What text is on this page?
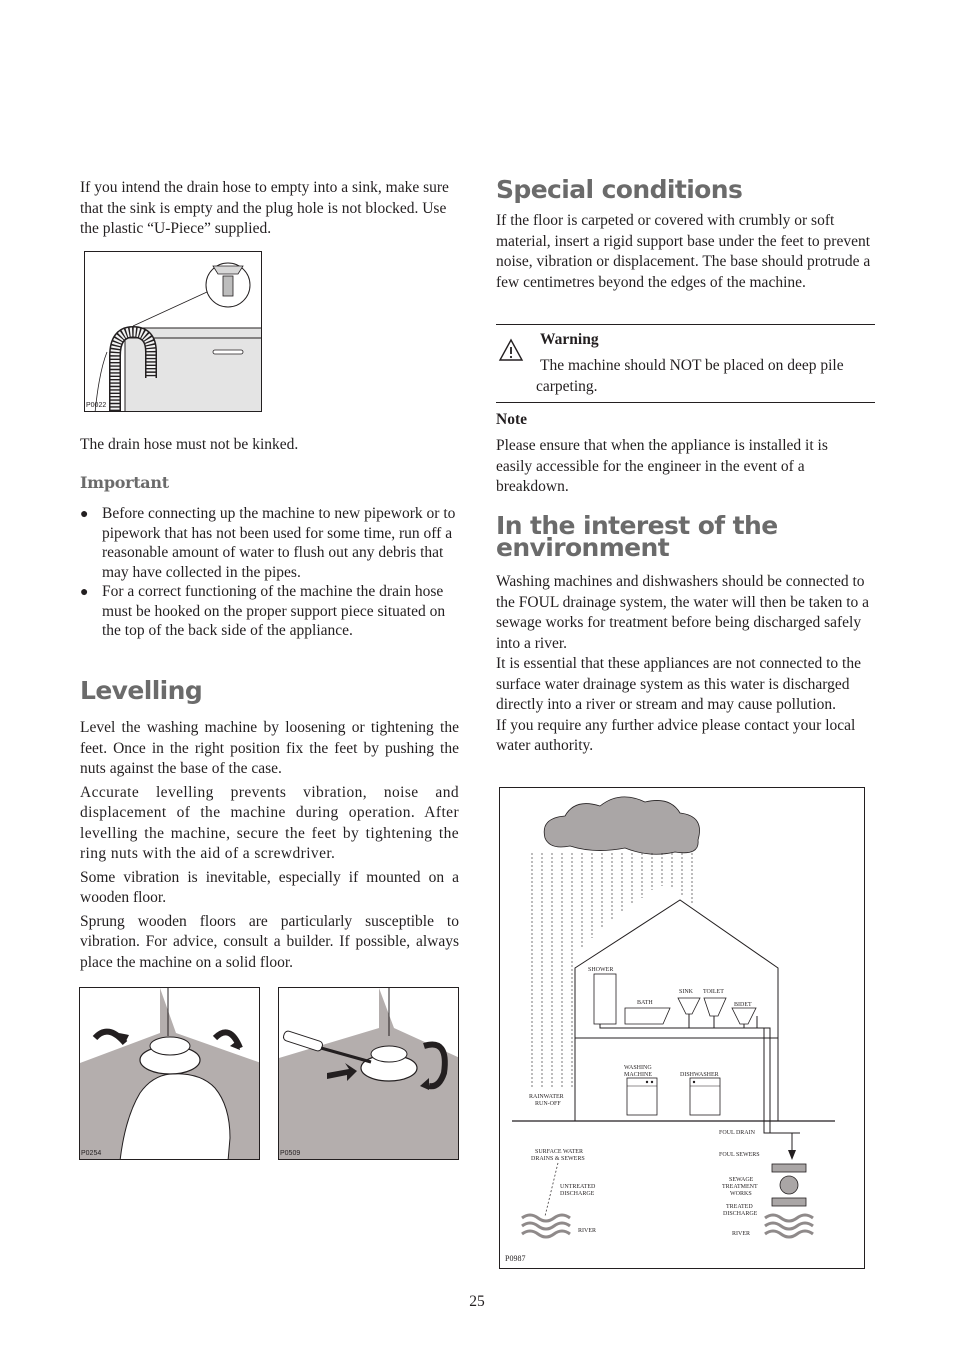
If you intend the drain hose to empty into a sink, make sure that the sink is empty and the plug hole is not blocked. Use the plastic “U-Piece” supplied.

P0022

The drain hose must not be kinked.

Important
● Before connecting up the machine to new pipework or to pipework that has not been used for some time, run off a reasonable amount of water to flush out any debris that may have collected in the pipes.
● For a correct functioning of the machine the drain hose must be hooked on the proper support piece situated on the top of the back side of the appliance.
Levelling

Level the washing machine by loosening or tightening the feet. Once in the right position fix the feet by pushing the nuts against the base of the case.

Accurate levelling prevents vibration, noise and displacement of the machine during operation. After levelling the machine, secure the feet by tightening the ring nuts with the aid of a screwdriver.

Some vibration is inevitable, especially if mounted on a wooden floor.

Sprung wooden floors are particularly susceptible to vibration. For advice, consult a builder. If possible, always place the machine on a solid floor.

P0254	P0509
Special conditions

If the floor is carpeted or covered with crumbly or soft material, insert a rigid support base under the feet to prevent noise, vibration or displacement. The base should protrude a few centimetres beyond the edges of the machine.

Warning
The machine should NOT be placed on deep pile carpeting.
Note

Please ensure that when the appliance is installed it is easily accessible for the engineer in the event of a breakdown.

In the interest of the environment

Washing machines and dishwashers should be connected to the FOUL drainage system, the water will then be taken to a sewage works for treatment before being discharged safely into a river.

It is essential that these appliances are not connected to the surface water drainage system as this water is discharged directly into a river or stream and may cause pollution.

If you require any further advice please contact your local water authority.

SHOWER
BATH
SINK TOILET
BIDET
WASHING
MACHINE	DISHWASHER
RAINWATER
RUN-OFF
FOUL DRAIN
SURFACE WATER
DRAINS & SEWERS
FOUL SEWERS
UNTREATED
DISCHARGE
SEWAGE
TREATMENT
WORKS
TREATED
DISCHARGE
RIVER	RIVER
P0987
25
